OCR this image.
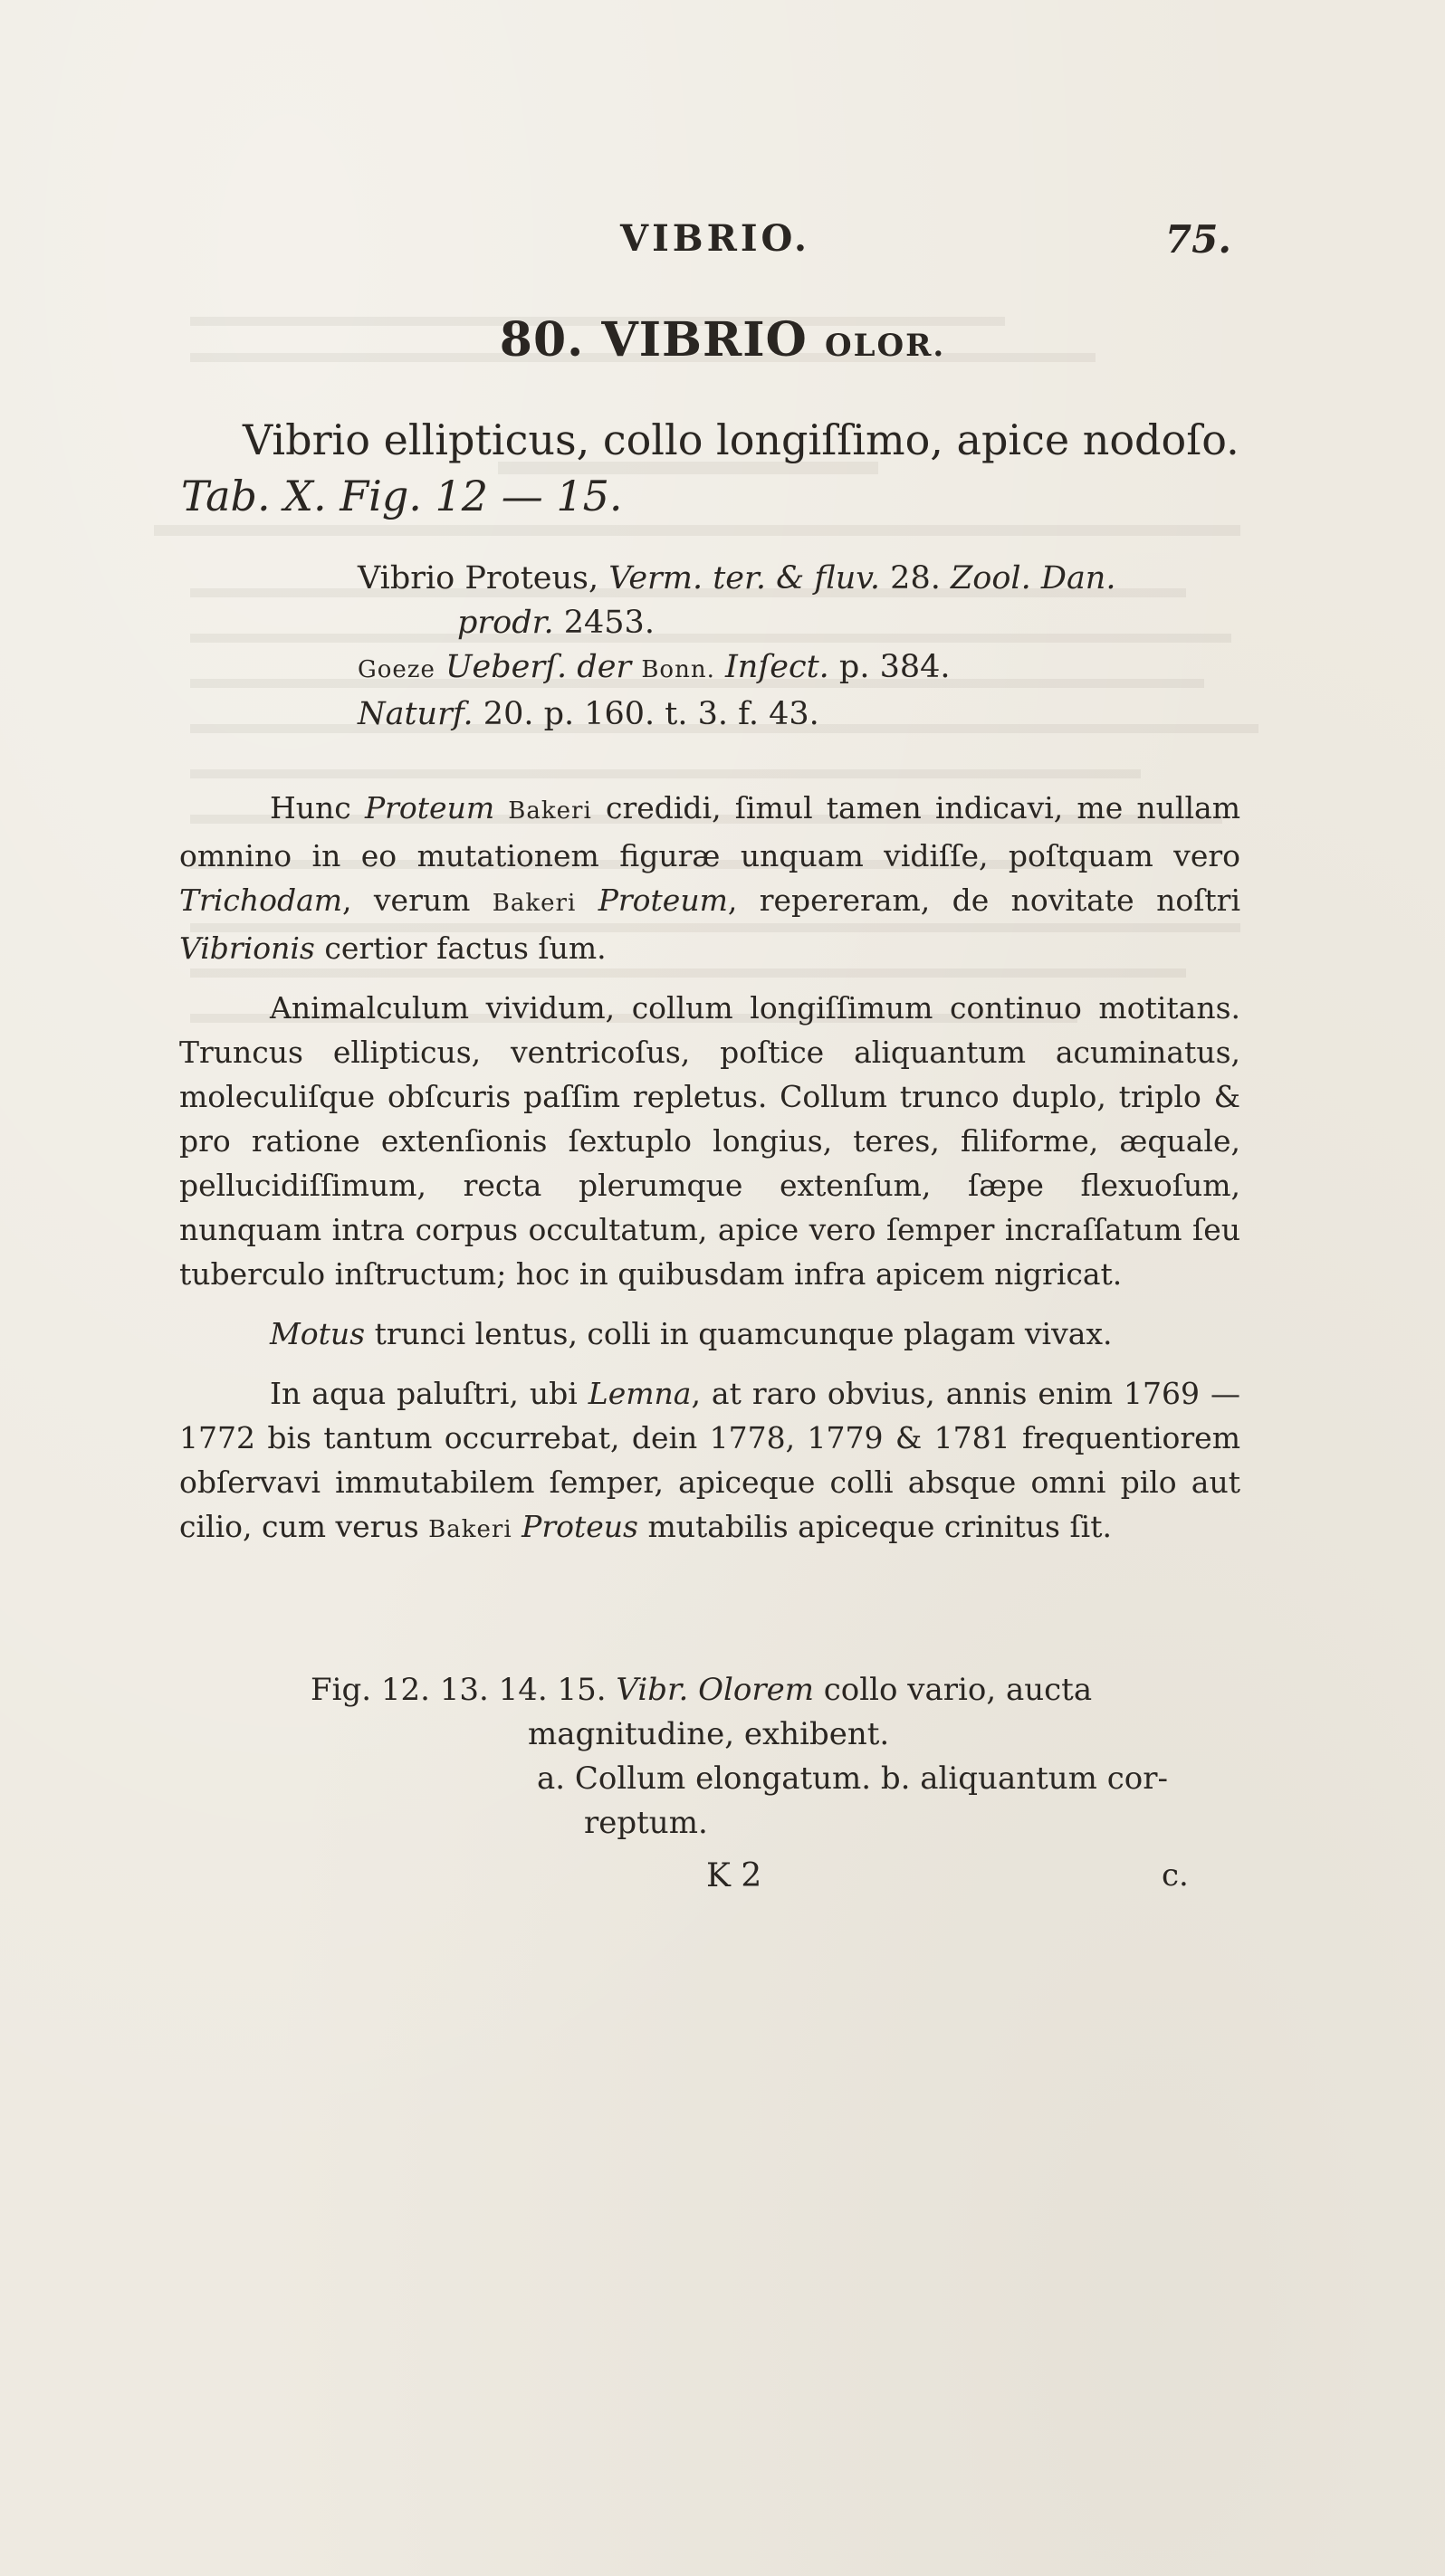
VIBRIO.	75.
80. VIBRIO OLOR.

Vibrio ellipticus, collo longiſſimo, apice nodoſo.

Tab. X. Fig. 12 — 15.

Vibrio Proteus, Verm. ter. & fluv. 28. Zool. Dan.

prodr. 2453.

Goeze Ueberſ. der Bonn. Inſect. p. 384.

Naturf. 20. p. 160. t. 3. f. 43.

Hunc Proteum Bakeri credidi, ſimul tamen indicavi, me nullam omnino in eo mutationem figuræ unquam vidiſſe, poſtquam vero Trichodam, verum Bakeri Proteum, repereram, de novitate noſtri Vibrionis certior factus ſum.

Animalculum vividum, collum longiſſimum continuo motitans. Truncus ellipticus, ventricoſus, poſtice aliquantum acuminatus, moleculiſque obſcuris paſſim repletus. Collum trunco duplo, triplo & pro ratione extenſionis ſextuplo longius, teres, filiforme, æquale, pellucidiſſimum, recta plerumque extenſum, ſæpe flexuoſum, nunquam intra corpus occultatum, apice vero ſemper incraſſatum ſeu tuberculo inſtructum; hoc in quibusdam infra apicem nigricat.

Motus trunci lentus, colli in quamcunque plagam vivax.

In aqua paluſtri, ubi Lemna, at raro obvius, annis enim 1769 — 1772 bis tantum occurrebat, dein 1778, 1779 & 1781 frequentiorem obſervavi immutabilem ſemper, apiceque colli absque omni pilo aut cilio, cum verus Bakeri Proteus mutabilis apiceque crinitus ſit.

Fig. 12. 13. 14. 15. Vibr. Olorem collo vario, aucta

magnitudine, exhibent.

a. Collum elongatum. b. aliquantum cor-

reptum.

K 2	c.
